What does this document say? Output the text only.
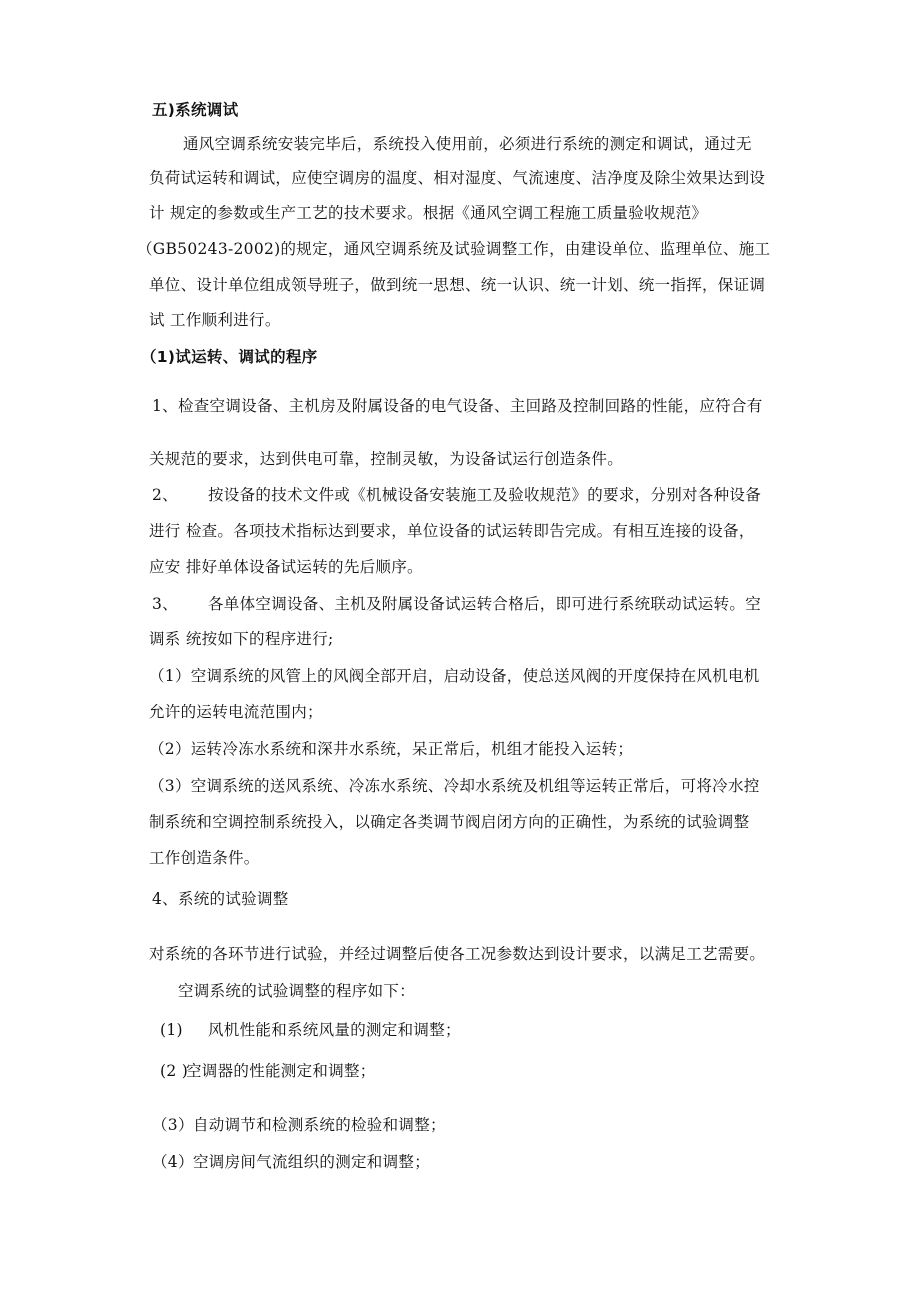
五)系统调试
通风空调系统安装完毕后，系统投入使用前，必须进行系统的测定和调试，通过无
负荷试运转和调试，应使空调房的温度、相对湿度、气流速度、洁净度及除尘效果达到设
计 规定的参数或生产工艺的技术要求。根据《通风空调工程施工质量验收规范》
（GB50243-2002)的规定，通风空调系统及试验调整工作，由建设单位、监理单位、施工
单位、设计单位组成领导班子，做到统一思想、统一认识、统一计划、统一指挥，保证调
试 工作顺利进行。
（1)试运转、调试的程序
1、检查空调设备、主机房及附属设备的电气设备、主回路及控制回路的性能，应符合有
关规范的要求，达到供电可靠，控制灵敏，为设备试运行创造条件。
2、 按设备的技术文件或《机械设备安装施工及验收规范》的要求，分别对各种设备
进行 检查。各项技术指标达到要求，单位设备的试运转即告完成。有相互连接的设备，
应安 排好单体设备试运转的先后顺序。
3、 各单体空调设备、主机及附属设备试运转合格后，即可进行系统联动试运转。空
调系 统按如下的程序进行;
（1）空调系统的风管上的风阀全部开启，启动设备，使总送风阀的开度保持在风机电机
允许的运转电流范围内；
（2）运转冷冻水系统和深井水系统，呆正常后，机组才能投入运转；
（3）空调系统的送风系统、冷冻水系统、冷却水系统及机组等运转正常后，可将冷水控
制系统和空调控制系统投入，以确定各类调节阀启闭方向的正确性，为系统的试验调整
工作创造条件。
4、系统的试验调整
对系统的各环节进行试验，并经过调整后使各工况参数达到设计要求，以满足工艺需要。
空调系统的试验调整的程序如下：
(1) 风机性能和系统风量的测定和调整；
(2 )
空调器的性能测定和调整；
（3） 自动调节和检测系统的检验和调整；
（4） 空调房间气流组织的测定和调整；
